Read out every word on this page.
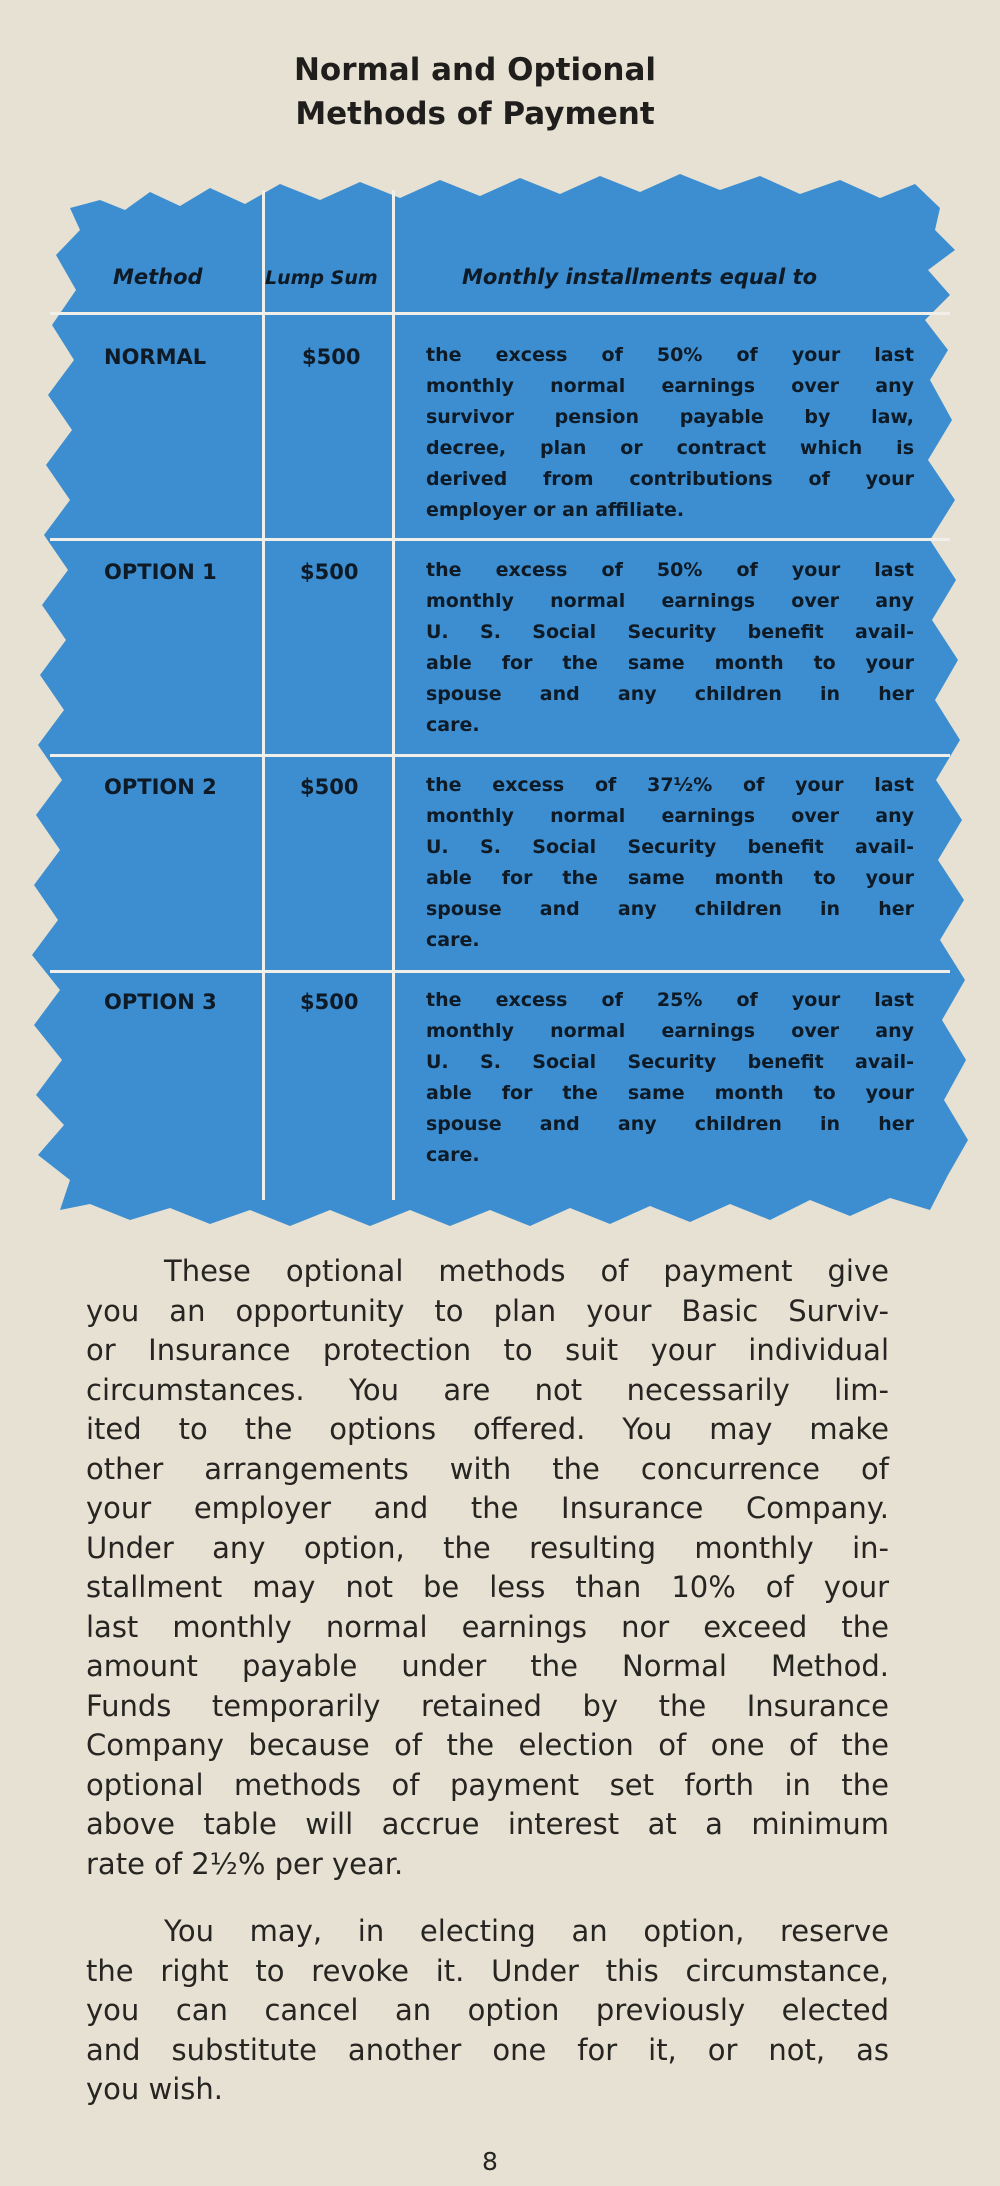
Normal and Optional
Methods of Payment
Method	Lump Sum	Monthly installments equal to
NORMAL	$500	the excess of 50% of your last
monthly normal earnings over any
survivor pension payable by law,
decree, plan or contract which is
derived from contributions of your
employer or an affiliate.
OPTION 1	$500	the excess of 50% of your last
monthly normal earnings over any
U. S. Social Security benefit avail-
able for the same month to your
spouse and any children in her
care.
OPTION 2	$500	the excess of 37½% of your last
monthly normal earnings over any
U. S. Social Security benefit avail-
able for the same month to your
spouse and any children in her
care.
OPTION 3	$500	the excess of 25% of your last
monthly normal earnings over any
U. S. Social Security benefit avail-
able for the same month to your
spouse and any children in her
care.
These optional methods of payment give
you an opportunity to plan your Basic Surviv-
or Insurance protection to suit your individual
circumstances. You are not necessarily lim-
ited to the options offered. You may make
other arrangements with the concurrence of
your employer and the Insurance Company.
Under any option, the resulting monthly in-
stallment may not be less than 10% of your
last monthly normal earnings nor exceed the
amount payable under the Normal Method.
Funds temporarily retained by the Insurance
Company because of the election of one of the
optional methods of payment set forth in the
above table will accrue interest at a minimum
rate of 2½% per year.
You may, in electing an option, reserve
the right to revoke it. Under this circumstance,
you can cancel an option previously elected
and substitute another one for it, or not, as
you wish.
8
